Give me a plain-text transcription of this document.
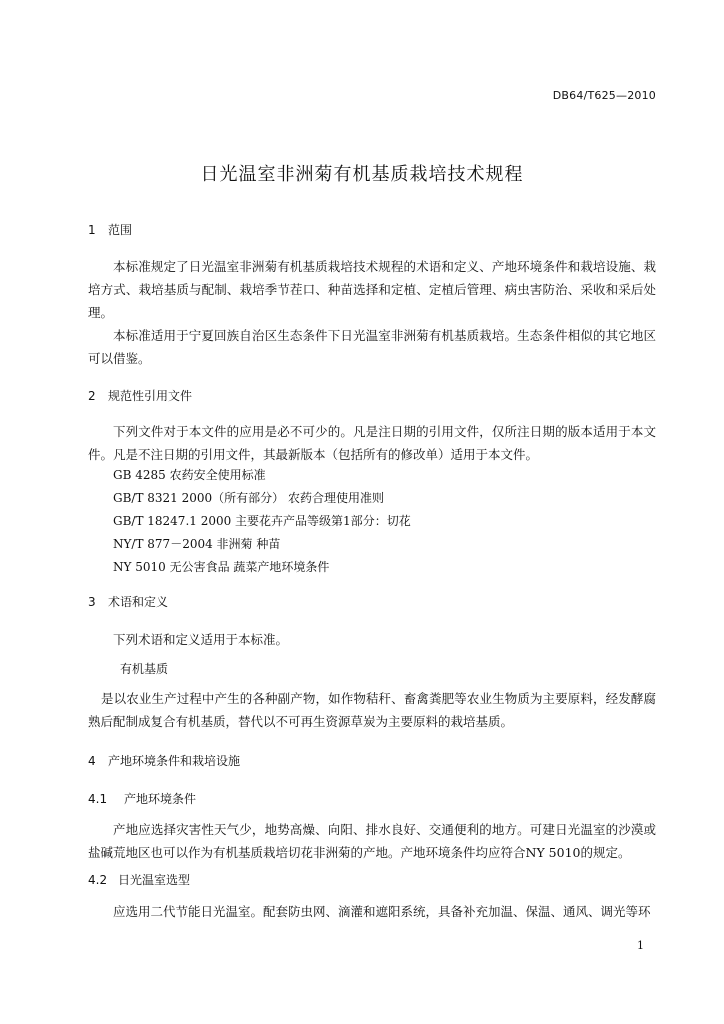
DB64/T625—2010
日光温室非洲菊有机基质栽培技术规程
1 范围
本标准规定了日光温室非洲菊有机基质栽培技术规程的术语和定义、产地环境条件和栽培设施、栽培方式、栽培基质与配制、栽培季节茬口、种苗选择和定植、定植后管理、病虫害防治、采收和采后处理。
本标准适用于宁夏回族自治区生态条件下日光温室非洲菊有机基质栽培。生态条件相似的其它地区可以借鉴。
2 规范性引用文件
下列文件对于本文件的应用是必不可少的。凡是注日期的引用文件，仅所注日期的版本适用于本文件。凡是不注日期的引用文件，其最新版本（包括所有的修改单）适用于本文件。
GB 4285 农药安全使用标准
GB/T 8321 2000（所有部分） 农药合理使用准则
GB/T 18247.1 2000 主要花卉产品等级第1部分：切花
NY/T 877－2004 非洲菊 种苗
NY 5010 无公害食品 蔬菜产地环境条件
3 术语和定义
下列术语和定义适用于本标准。
有机基质
是以农业生产过程中产生的各种副产物，如作物秸秆、畜禽粪肥等农业生物质为主要原料，经发酵腐熟后配制成复合有机基质，替代以不可再生资源草炭为主要原料的栽培基质。
4 产地环境条件和栽培设施
4.1 产地环境条件
产地应选择灾害性天气少，地势高燥、向阳、排水良好、交通便利的地方。可建日光温室的沙漠或盐碱荒地区也可以作为有机基质栽培切花非洲菊的产地。产地环境条件均应符合NY 5010的规定。
4.2 日光温室选型
应选用二代节能日光温室。配套防虫网、滴灌和遮阳系统，具备补充加温、保温、通风、调光等环
1
